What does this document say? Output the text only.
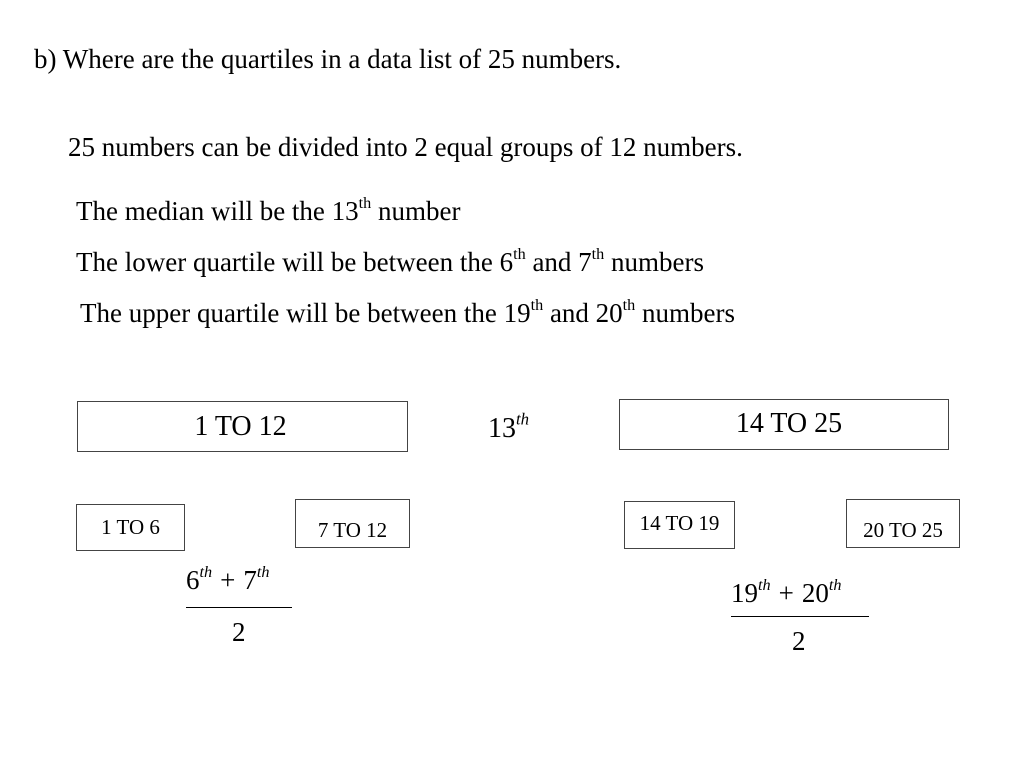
b) Where are the quartiles in a data list of 25 numbers.
25 numbers can be divided into 2 equal groups of 12 numbers.
The median will be the 13th number
The lower quartile will be between the 6th and 7th numbers
The upper quartile will be between the 19th and 20th numbers
1 TO 12	13th	14 TO 25
1 TO 6	7 TO 12	14 TO 19	20 TO 25
6th + 7th
2
19th + 20th
2
